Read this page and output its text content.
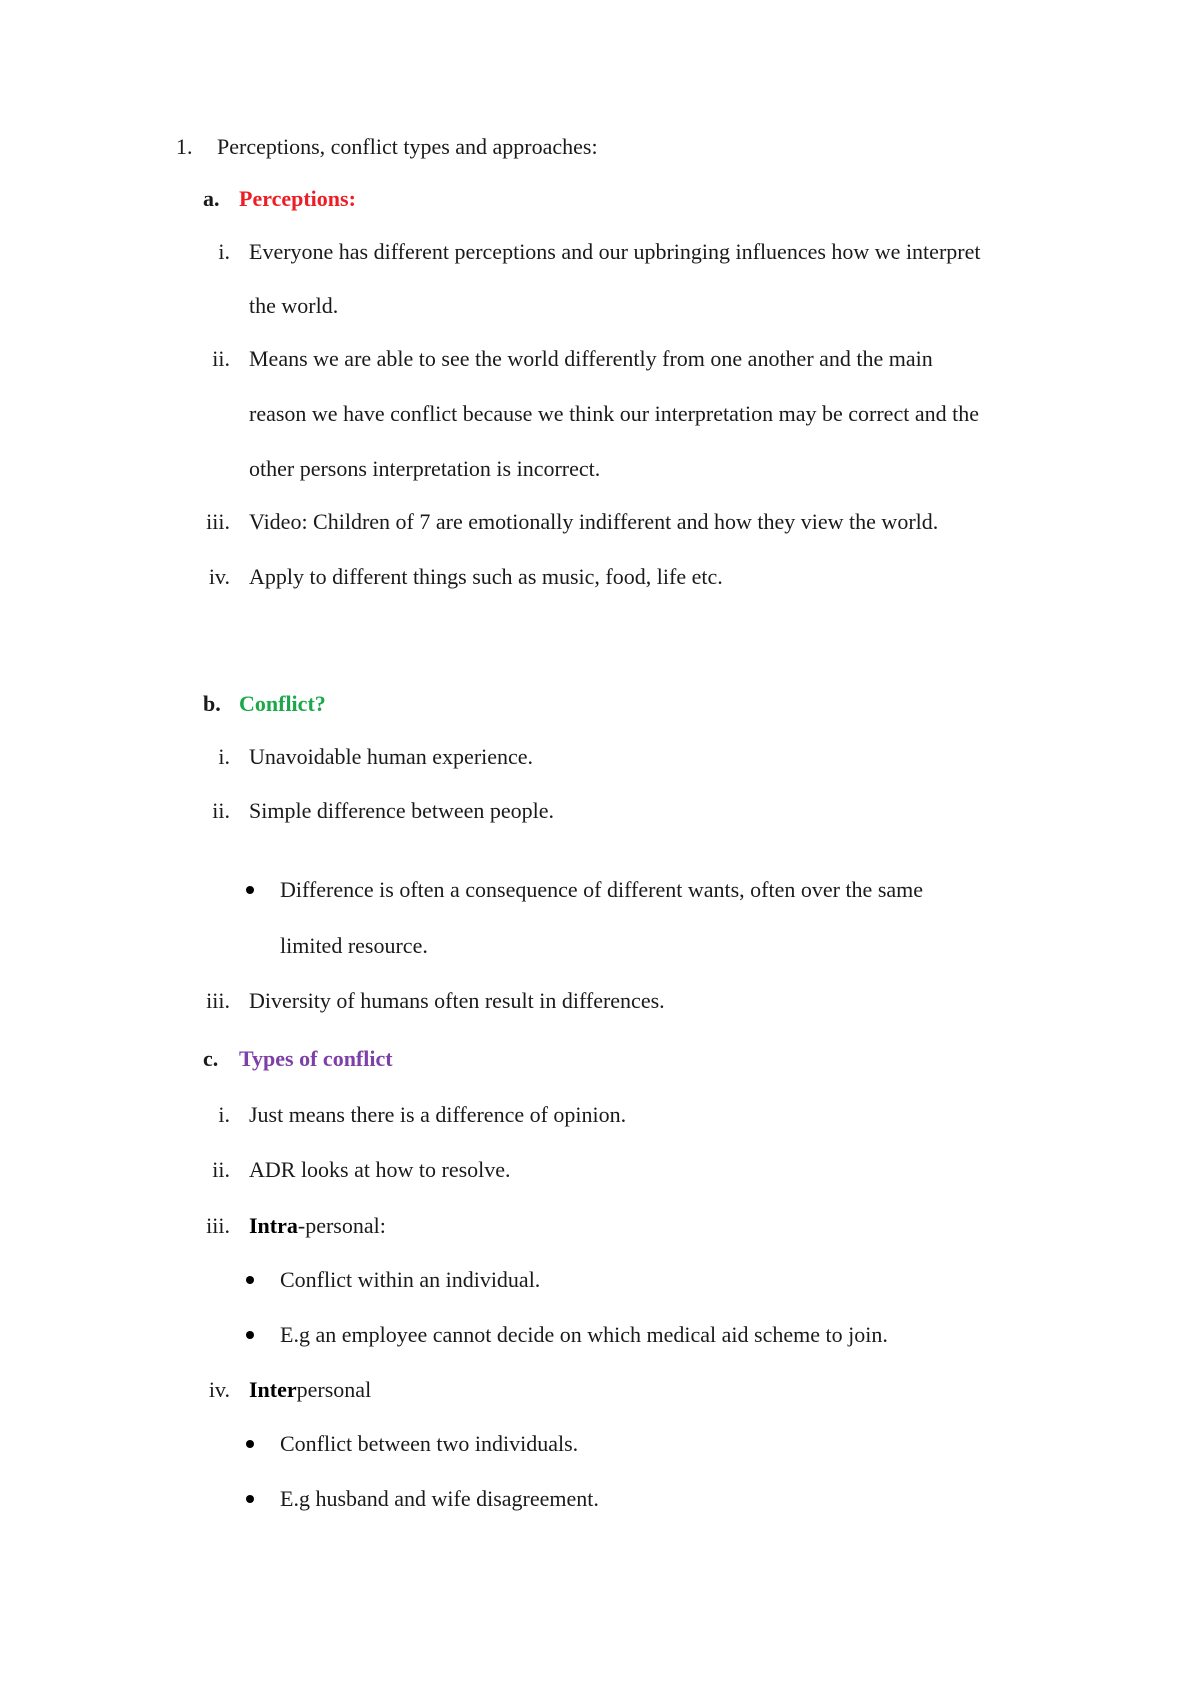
1. Perceptions, conflict types and approaches:
a. Perceptions:
i. Everyone has different perceptions and our upbringing influences how we interpret
the world.
ii. Means we are able to see the world differently from one another and the main
reason we have conflict because we think our interpretation may be correct and the
other persons interpretation is incorrect.
iii. Video: Children of 7 are emotionally indifferent and how they view the world.
iv. Apply to different things such as music, food, life etc.
b. Conflict?
i. Unavoidable human experience.
ii. Simple difference between people.
Difference is often a consequence of different wants, often over the same
limited resource.
iii. Diversity of humans often result in differences.
c. Types of conflict
i. Just means there is a difference of opinion.
ii. ADR looks at how to resolve.
iii. Intra-personal:
Conflict within an individual.
E.g an employee cannot decide on which medical aid scheme to join.
iv. Interpersonal
Conflict between two individuals.
E.g husband and wife disagreement.
